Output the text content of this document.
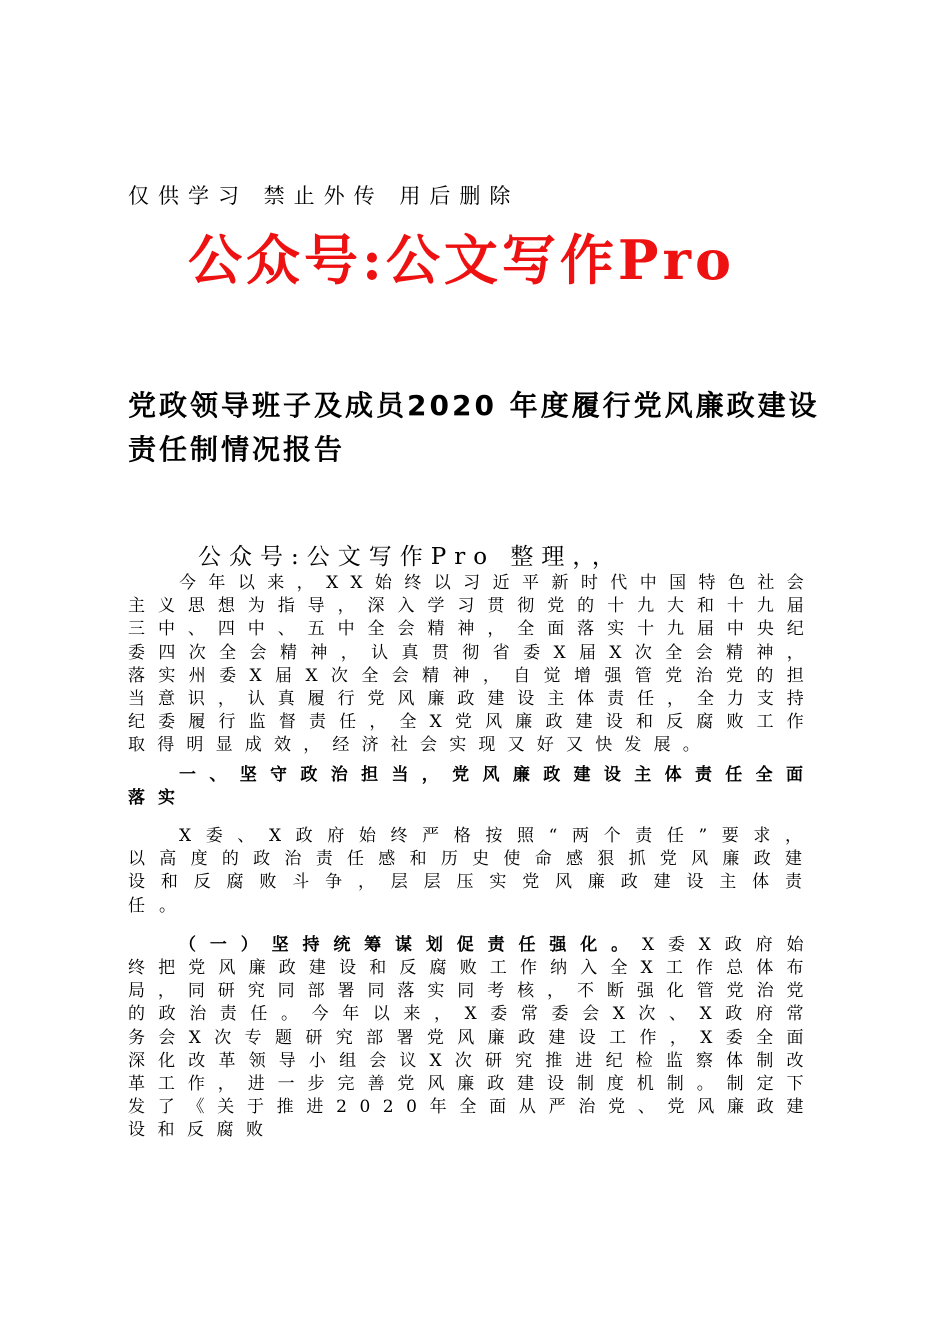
仅供学习 禁止外传 用后删除
公众号:公文写作Pro
党政领导班子及成员2020 年度履行党风廉政建设责任制情况报告
公众号:公文写作Pro 整理，，

今年以来，XX始终以习近平新时代中国特色社会主义思想为指导，深入学习贯彻党的十九大和十九届三中、四中、五中全会精神，全面落实十九届中央纪委四次全会精神，认真贯彻省委X届X次全会精神，落实州委X届X次全会精神，自觉增强管党治党的担当意识，认真履行党风廉政建设主体责任，全力支持纪委履行监督责任，全X党风廉政建设和反腐败工作取得明显成效，经济社会实现又好又快发展。

一、坚守政治担当，党风廉政建设主体责任全面落实

X委、X政府始终严格按照“两个责任”要求，以高度的政治责任感和历史使命感狠抓党风廉政建设和反腐败斗争，层层压实党风廉政建设主体责任。

（一）坚持统筹谋划促责任强化。X委X政府始终把党风廉政建设和反腐败工作纳入全X工作总体布局，同研究同部署同落实同考核，不断强化管党治党的政治责任。今年以来，X委常委会X次、X政府常务会X次专题研究部署党风廉政建设工作，X委全面深化改革领导小组会议X次研究推进纪检监察体制改革工作，进一步完善党风廉政建设制度机制。制定下发了《关于推进2020年全面从严治党、党风廉政建设和反腐败
